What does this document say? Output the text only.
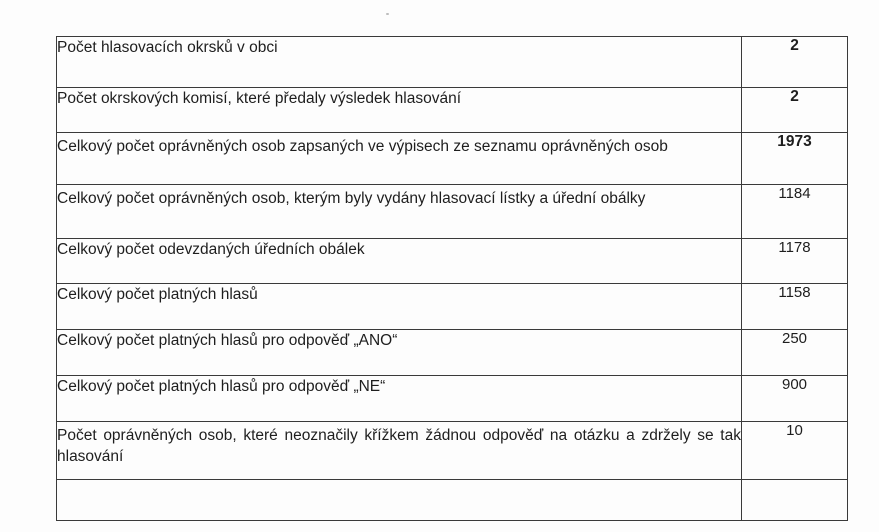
Počet hlasovacích okrsků v obci	2
Počet okrskových komisí, které předaly výsledek hlasování	2
Celkový počet oprávněných osob zapsaných ve výpisech ze seznamu oprávněných osob	1973
Celkový počet oprávněných osob, kterým byly vydány hlasovací lístky a úřední obálky	1184
Celkový počet odevzdaných úředních obálek	1178
Celkový počet platných hlasů	1158
Celkový počet platných hlasů pro odpověď „ANO“	250
Celkový počet platných hlasů pro odpověď „NE“	900
Počet oprávněných osob, které neoznačily křížkem žádnou odpověď na otázku a zdržely se tak hlasování	10
